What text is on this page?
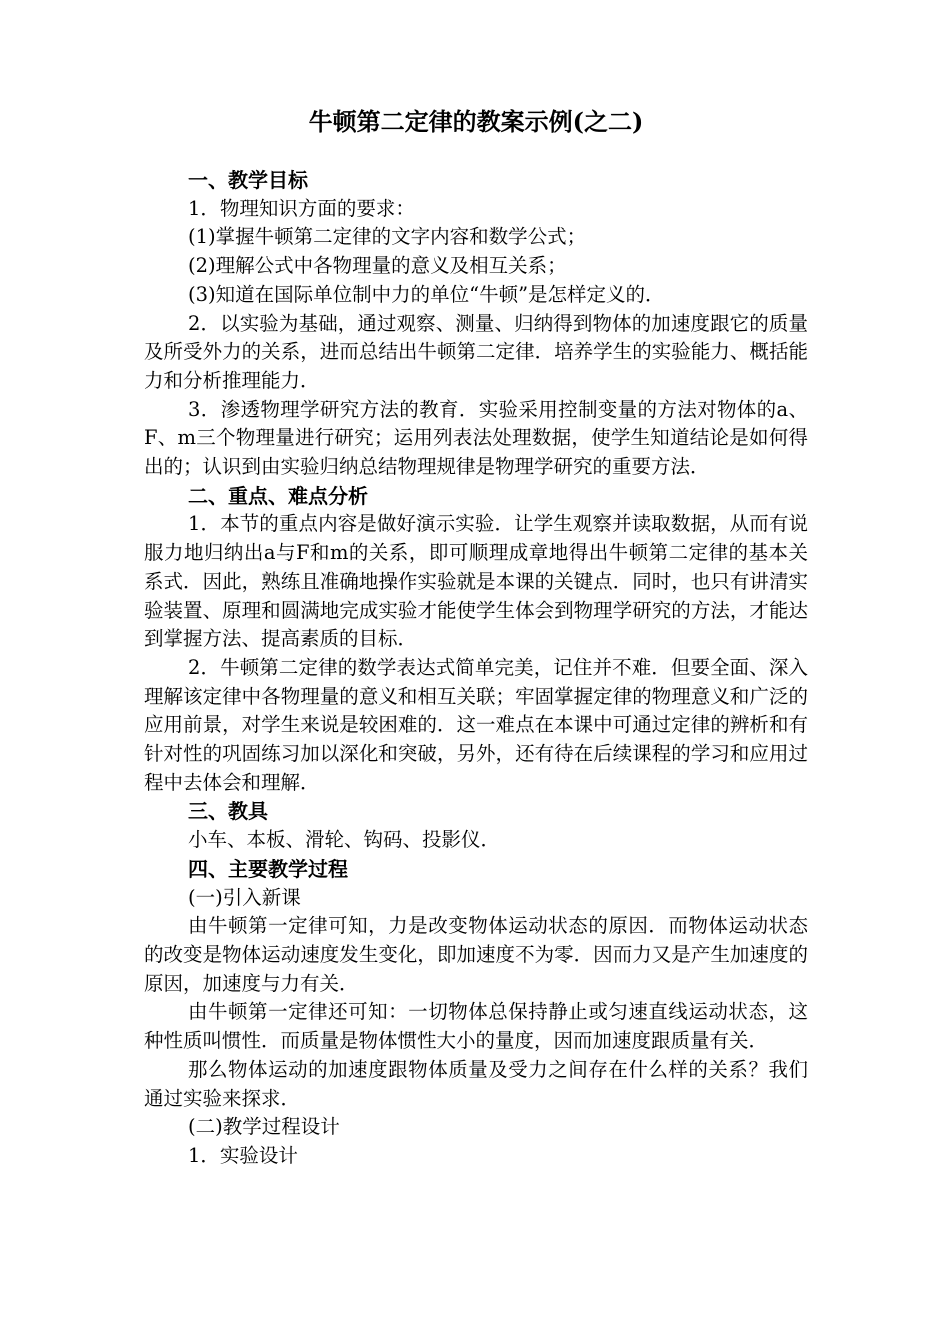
牛顿第二定律的教案示例(之二)

一、教学目标

1．物理知识方面的要求：

(1)掌握牛顿第二定律的文字内容和数学公式；

(2)理解公式中各物理量的意义及相互关系；

(3)知道在国际单位制中力的单位“牛顿”是怎样定义的．

2．以实验为基础，通过观察、测量、归纳得到物体的加速度跟它的质量及所受外力的关系，进而总结出牛顿第二定律．培养学生的实验能力、概括能力和分析推理能力．

3．渗透物理学研究方法的教育．实验采用控制变量的方法对物体的a、F、m三个物理量进行研究；运用列表法处理数据，使学生知道结论是如何得出的；认识到由实验归纳总结物理规律是物理学研究的重要方法．

二、重点、难点分析

1．本节的重点内容是做好演示实验．让学生观察并读取数据，从而有说服力地归纳出a与F和m的关系，即可顺理成章地得出牛顿第二定律的基本关系式．因此，熟练且准确地操作实验就是本课的关键点．同时，也只有讲清实验装置、原理和圆满地完成实验才能使学生体会到物理学研究的方法，才能达到掌握方法、提高素质的目标．

2．牛顿第二定律的数学表达式简单完美，记住并不难．但要全面、深入理解该定律中各物理量的意义和相互关联；牢固掌握定律的物理意义和广泛的应用前景，对学生来说是较困难的．这一难点在本课中可通过定律的辨析和有针对性的巩固练习加以深化和突破，另外，还有待在后续课程的学习和应用过程中去体会和理解．

三、教具

小车、本板、滑轮、钩码、投影仪．

四、主要教学过程

(一)引入新课

由牛顿第一定律可知，力是改变物体运动状态的原因．而物体运动状态的改变是物体运动速度发生变化，即加速度不为零．因而力又是产生加速度的原因，加速度与力有关．

由牛顿第一定律还可知：一切物体总保持静止或匀速直线运动状态，这种性质叫惯性．而质量是物体惯性大小的量度，因而加速度跟质量有关．

那么物体运动的加速度跟物体质量及受力之间存在什么样的关系？我们通过实验来探求．

(二)教学过程设计

1．实验设计
